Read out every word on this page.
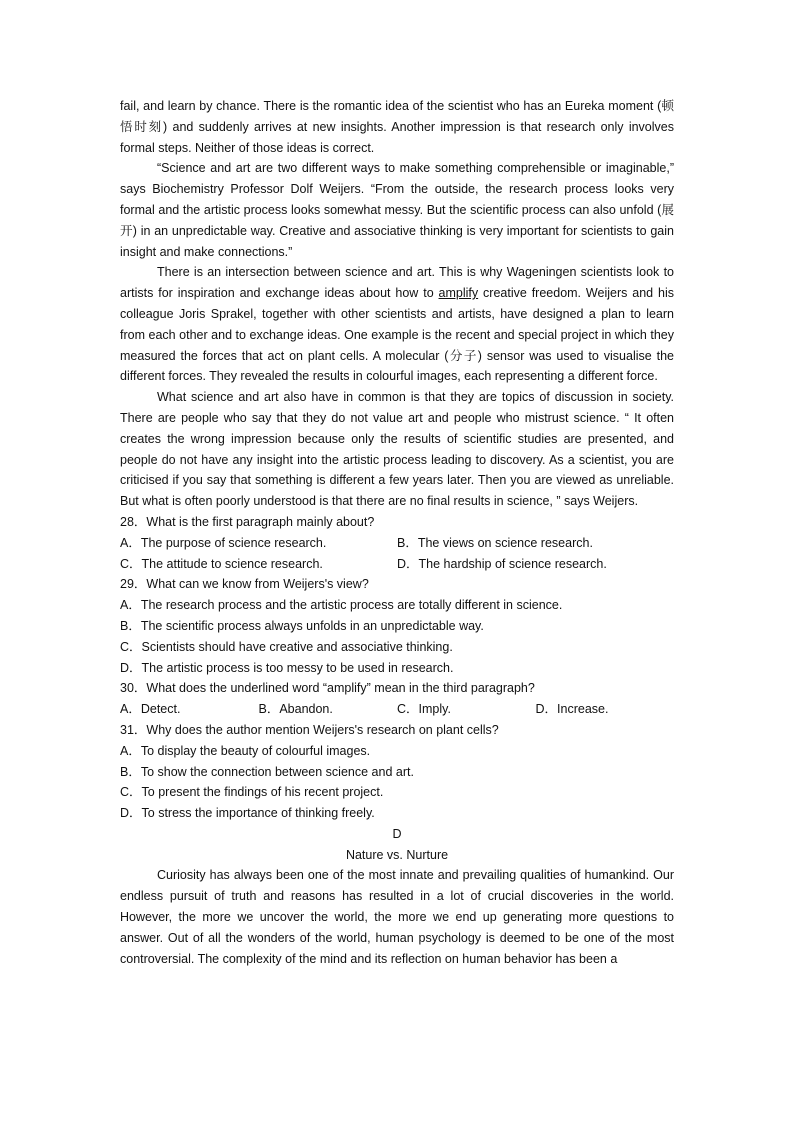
fail, and learn by chance. There is the romantic idea of the scientist who has an Eureka moment (顿悟时刻) and suddenly arrives at new insights. Another impression is that research only involves formal steps. Neither of those ideas is correct.

“Science and art are two different ways to make something comprehensible or imaginable,” says Biochemistry Professor Dolf Weijers. “From the outside, the research process looks very formal and the artistic process looks somewhat messy. But the scientific process can also unfold (展开) in an unpredictable way. Creative and associative thinking is very important for scientists to gain insight and make connections.”

There is an intersection between science and art. This is why Wageningen scientists look to artists for inspiration and exchange ideas about how to amplify creative freedom. Weijers and his colleague Joris Sprakel, together with other scientists and artists, have designed a plan to learn from each other and to exchange ideas. One example is the recent and special project in which they measured the forces that act on plant cells. A molecular (分子) sensor was used to visualise the different forces. They revealed the results in colourful images, each representing a different force.

What science and art also have in common is that they are topics of discussion in society. There are people who say that they do not value art and people who mistrust science. “ It often creates the wrong impression because only the results of scientific studies are presented, and people do not have any insight into the artistic process leading to discovery. As a scientist, you are criticised if you say that something is different a few years later. Then you are viewed as unreliable. But what is often poorly understood is that there are no final results in science, ” says Weijers.

28．What is the first paragraph mainly about?

A．The purpose of science research.	B．The views on science research.
C．The attitude to science research.	D．The hardship of science research.

29．What can we know from Weijers's view?

A．The research process and the artistic process are totally different in science.

B．The scientific process always unfolds in an unpredictable way.

C．Scientists should have creative and associative thinking.

D．The artistic process is too messy to be used in research.

30．What does the underlined word “amplify” mean in the third paragraph?

A．Detect.	B．Abandon.	C．Imply.	D．Increase.

31．Why does the author mention Weijers's research on plant cells?

A．To display the beauty of colourful images.

B．To show the connection between science and art.

C．To present the findings of his recent project.

D．To stress the importance of thinking freely.

D

Nature vs. Nurture

Curiosity has always been one of the most innate and prevailing qualities of humankind. Our endless pursuit of truth and reasons has resulted in a lot of crucial discoveries in the world. However, the more we uncover the world, the more we end up generating more questions to answer. Out of all the wonders of the world, human psychology is deemed to be one of the most controversial. The complexity of the mind and its reflection on human behavior has been a
